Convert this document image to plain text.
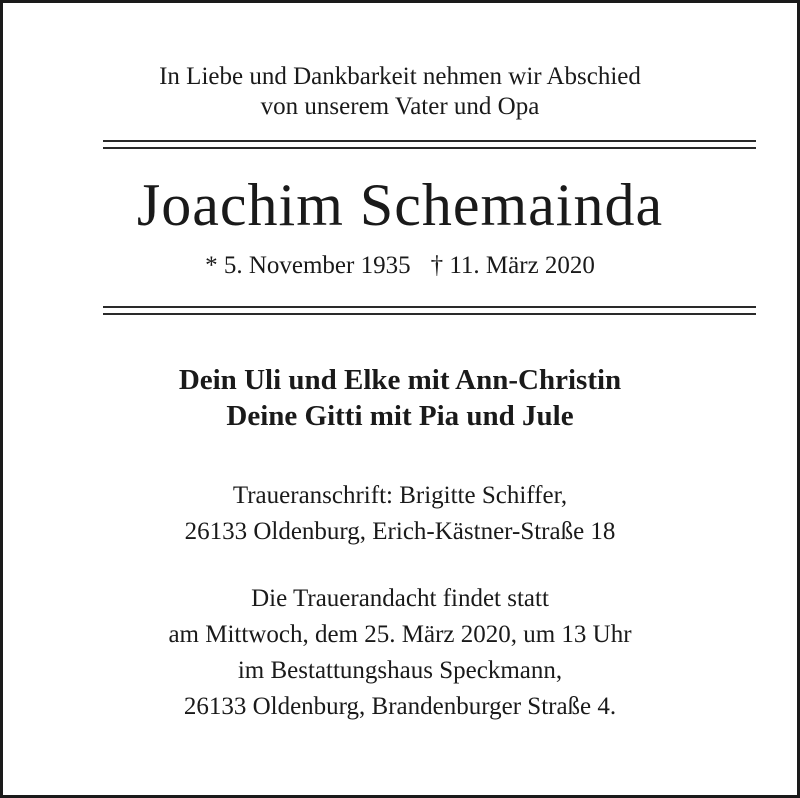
In Liebe und Dankbarkeit nehmen wir Abschied
von unserem Vater und Opa
Joachim Schemainda
* 5. November 1935 † 11. März 2020
Dein Uli und Elke mit Ann-Christin
Deine Gitti mit Pia und Jule
Traueranschrift: Brigitte Schiffer,
26133 Oldenburg, Erich-Kästner-Straße 18
Die Trauerandacht findet statt
am Mittwoch, dem 25. März 2020, um 13 Uhr
im Bestattungshaus Speckmann,
26133 Oldenburg, Brandenburger Straße 4.
